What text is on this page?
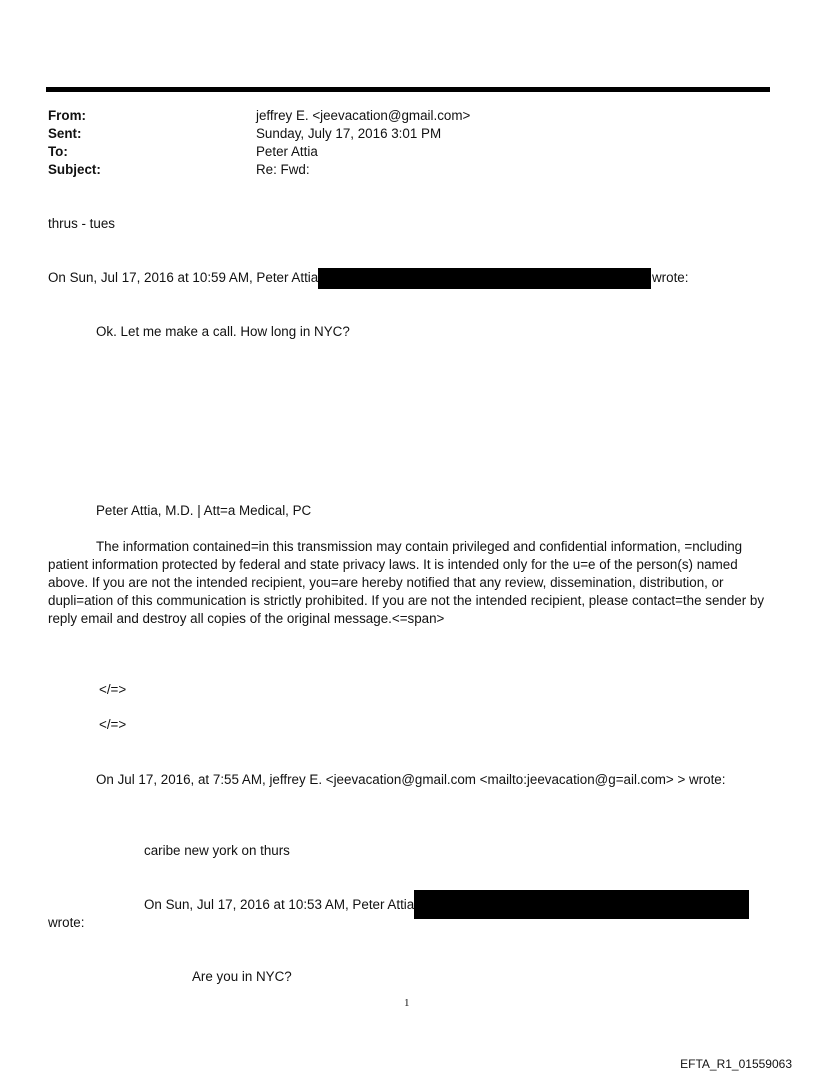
From:	jeffrey E. <jeevacation@gmail.com>
Sent:	Sunday, July 17, 2016 3:01 PM
To:	Peter Attia
Subject:	Re: Fwd:
thrus - tues
On Sun, Jul 17, 2016 at 10:59 AM, Peter Attia	wrote:
Ok. Let me make a call. How long in NYC?
Peter Attia, M.D. | Att=a Medical, PC
The information contained=in this transmission may contain privileged and confidential information, =ncluding patient information protected by federal and state privacy laws. It is intended only for the u=e of the person(s) named above. If you are not the intended recipient, you=are hereby notified that any review, dissemination, distribution, or dupli=ation of this communication is strictly prohibited. If you are not the intended recipient, please contact=the sender by reply email and destroy all copies of the original message.<=span>
</=>
</=>
On Jul 17, 2016, at 7:55 AM, jeffrey E. <jeevacation@gmail.com <mailto:jeevacation@g=ail.com> > wrote:
caribe new york on thurs
On Sun, Jul 17, 2016 at 10:53 AM, Peter Attia
wrote:
Are you in NYC?
1
EFTA_R1_01559063
